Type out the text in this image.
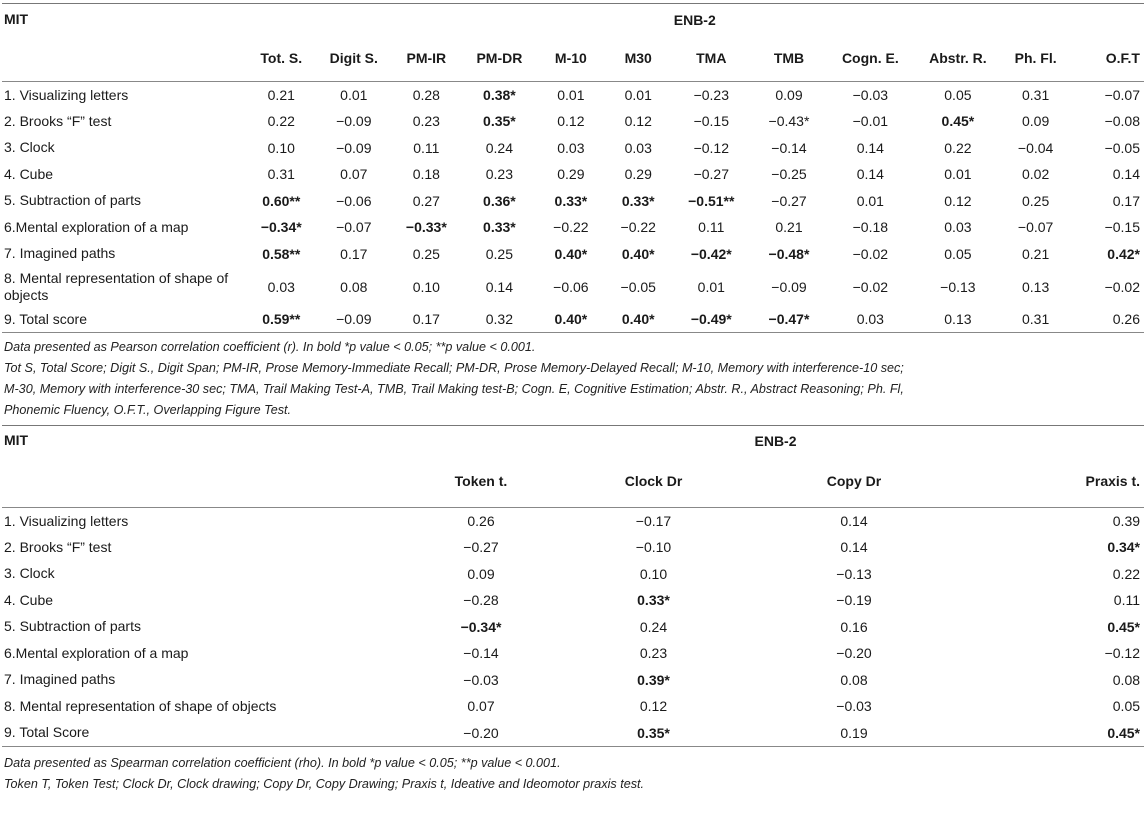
MIT	ENB-2											
	Tot. S.	Digit S.	PM-IR	PM-DR	M-10	M30	TMA	TMB	Cogn. E.	Abstr. R.	Ph. Fl.	O.F.T
1. Visualizing letters	0.21	0.01	0.28	0.38*	0.01	0.01	−0.23	0.09	−0.03	0.05	0.31	−0.07
2. Brooks “F” test	0.22	−0.09	0.23	0.35*	0.12	0.12	−0.15	−0.43*	−0.01	0.45*	0.09	−0.08
3. Clock	0.10	−0.09	0.11	0.24	0.03	0.03	−0.12	−0.14	0.14	0.22	−0.04	−0.05
4. Cube	0.31	0.07	0.18	0.23	0.29	0.29	−0.27	−0.25	0.14	0.01	0.02	0.14
5. Subtraction of parts	0.60**	−0.06	0.27	0.36*	0.33*	0.33*	−0.51**	−0.27	0.01	0.12	0.25	0.17
6.Mental exploration of a map	−0.34*	−0.07	−0.33*	0.33*	−0.22	−0.22	0.11	0.21	−0.18	0.03	−0.07	−0.15
7. Imagined paths	0.58**	0.17	0.25	0.25	0.40*	0.40*	−0.42*	−0.48*	−0.02	0.05	0.21	0.42*
8. Mental representation of shape of objects	0.03	0.08	0.10	0.14	−0.06	−0.05	0.01	−0.09	−0.02	−0.13	0.13	−0.02
9. Total score	0.59**	−0.09	0.17	0.32	0.40*	0.40*	−0.49*	−0.47*	0.03	0.13	0.31	0.26
Data presented as Pearson correlation coefficient (r). In bold *p value < 0.05; **p value < 0.001.
Tot S, Total Score; Digit S., Digit Span; PM-IR, Prose Memory-Immediate Recall; PM-DR, Prose Memory-Delayed Recall; M-10, Memory with interference-10 sec;
M-30, Memory with interference-30 sec; TMA, Trail Making Test-A, TMB, Trail Making test-B; Cogn. E, Cognitive Estimation; Abstr. R., Abstract Reasoning; Ph. Fl,
Phonemic Fluency, O.F.T., Overlapping Figure Test.
MIT	ENB-2			
	Token t.	Clock Dr	Copy Dr	Praxis t.
1. Visualizing letters	0.26	−0.17	0.14	0.39
2. Brooks “F” test	−0.27	−0.10	0.14	0.34*
3. Clock	0.09	0.10	−0.13	0.22
4. Cube	−0.28	0.33*	−0.19	0.11
5. Subtraction of parts	−0.34*	0.24	0.16	0.45*
6.Mental exploration of a map	−0.14	0.23	−0.20	−0.12
7. Imagined paths	−0.03	0.39*	0.08	0.08
8. Mental representation of shape of objects	0.07	0.12	−0.03	0.05
9. Total Score	−0.20	0.35*	0.19	0.45*
Data presented as Spearman correlation coefficient (rho). In bold *p value < 0.05; **p value < 0.001.
Token T, Token Test; Clock Dr, Clock drawing; Copy Dr, Copy Drawing; Praxis t, Ideative and Ideomotor praxis test.
